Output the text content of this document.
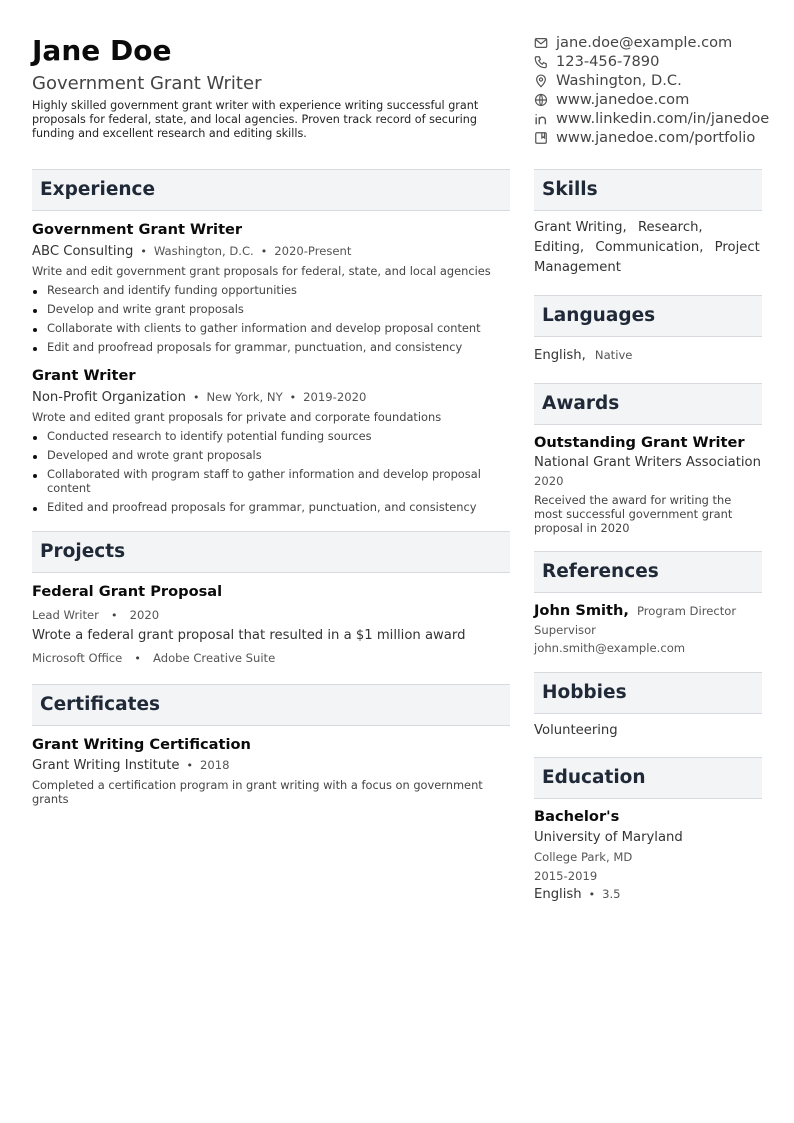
Jane Doe
Government Grant Writer
Highly skilled government grant writer with experience writing successful grant proposals for federal, state, and local agencies. Proven track record of securing funding and excellent research and editing skills.
Experience
Government Grant Writer
ABC Consulting • Washington, D.C. • 2020-Present
Write and edit government grant proposals for federal, state, and local agencies
Research and identify funding opportunities
Develop and write grant proposals
Collaborate with clients to gather information and develop proposal content
Edit and proofread proposals for grammar, punctuation, and consistency
Grant Writer
Non-Profit Organization • New York, NY • 2019-2020
Wrote and edited grant proposals for private and corporate foundations
Conducted research to identify potential funding sources
Developed and wrote grant proposals
Collaborated with program staff to gather information and develop proposal content
Edited and proofread proposals for grammar, punctuation, and consistency
Projects
Federal Grant Proposal
Lead Writer • 2020
Wrote a federal grant proposal that resulted in a $1 million award
Microsoft Office • Adobe Creative Suite
Certificates
Grant Writing Certification
Grant Writing Institute • 2018
Completed a certification program in grant writing with a focus on government grants
jane.doe@example.com
123-456-7890
Washington, D.C.
www.janedoe.com
www.linkedin.com/in/janedoe
www.janedoe.com/portfolio
Skills
Grant Writing, Research, Editing, Communication, Project Management
Languages
English, Native
Awards
Outstanding Grant Writer
National Grant Writers Association
2020
Received the award for writing the most successful government grant proposal in 2020
References
John Smith, Program Director
Supervisor
john.smith@example.com
Hobbies
Volunteering
Education
Bachelor's
University of Maryland
College Park, MD
2015-2019
English • 3.5
